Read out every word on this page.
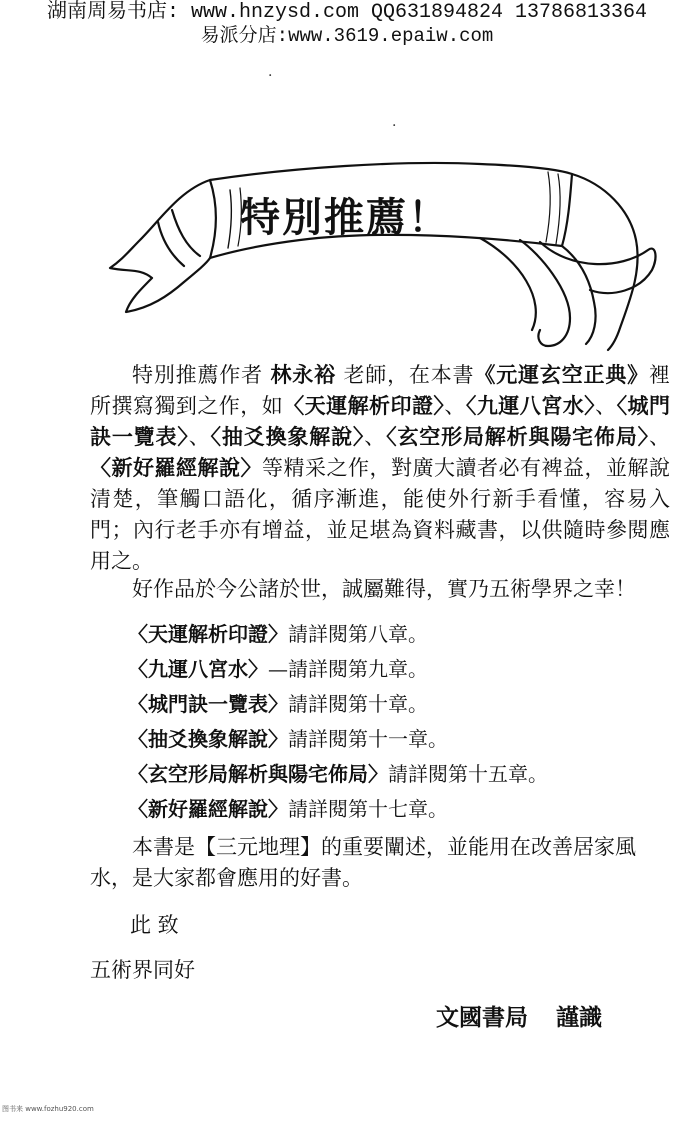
湖南周易书店: www.hnzysd.com QQ631894824 13786813364
易派分店:www.3619.epaiw.com
·
·
特別推薦！
特別推薦作者 林永裕 老師，在本書《元運玄空正典》裡所撰寫獨到之作，如〈天運解析印證〉、〈九運八宮水〉、〈城門訣一覽表〉、〈抽爻換象解說〉、〈玄空形局解析與陽宅佈局〉、〈新好羅經解說〉等精采之作，對廣大讀者必有裨益，並解說清楚，筆觸口語化，循序漸進，能使外行新手看懂，容易入門；內行老手亦有增益，並足堪為資料藏書，以供隨時參閱應用之。
好作品於今公諸於世，誠屬難得，實乃五術學界之幸！
〈天運解析印證〉請詳閱第八章。
〈九運八宮水〉—請詳閱第九章。
〈城門訣一覽表〉請詳閱第十章。
〈抽爻換象解說〉請詳閱第十一章。
〈玄空形局解析與陽宅佈局〉請詳閱第十五章。
〈新好羅經解說〉請詳閱第十七章。
本書是【三元地理】的重要闡述，並能用在改善居家風水，是大家都會應用的好書。
此 致
五術界同好
文國書局 謹識
图书来 www.fozhu920.com
